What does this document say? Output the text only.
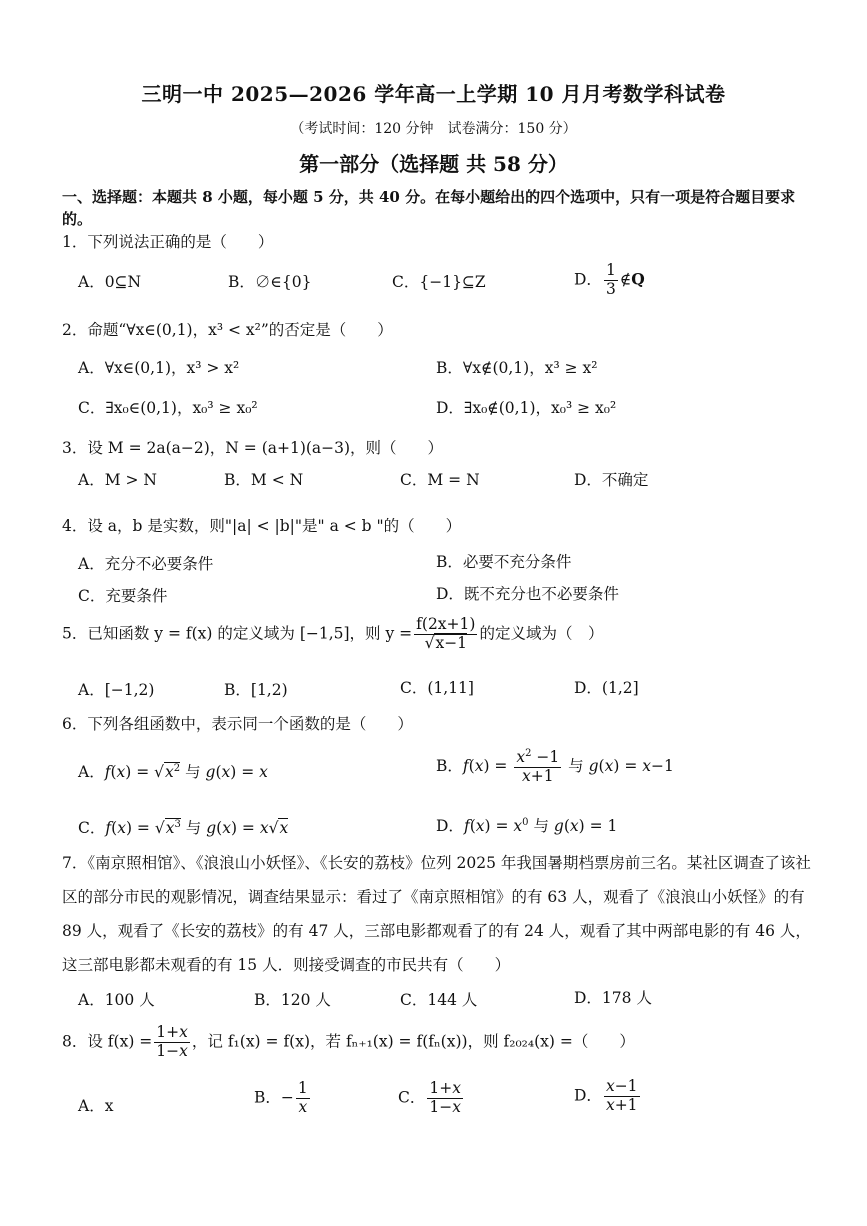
三明一中 2025—2026 学年高一上学期 10 月月考数学科试卷
（考试时间：120 分钟　试卷满分：150 分）
第一部分（选择题 共 58 分）
一、选择题：本题共 8 小题，每小题 5 分，共 40 分。在每小题给出的四个选项中，只有一项是符合题目要求的。
1．下列说法正确的是（　　）
A．0⊆N	B．∅∈{0}	C．{−1}⊆Z	D． $\frac{1}{3}$ ∉Q
2．命题“∀x∈(0,1)，x³ < x²”的否定是（　　）
A．∀x∈(0,1)，x³ > x²	B．∀x∉(0,1)，x³ ≥ x²
C．∃x₀∈(0,1)，x₀³ ≥ x₀²	D．∃x₀∉(0,1)，x₀³ ≥ x₀²
3．设 M = 2a(a−2)，N = (a+1)(a−3)，则（　　）
A．M > N	B．M < N	C．M = N	D．不确定
4．设 a，b 是实数，则"|a| < |b|"是" a < b "的（　　）
A．充分不必要条件	B．必要不充分条件
C．充要条件	D．既不充分也不必要条件
5．已知函数 y = f(x) 的定义域为 [−1,5]，则 $y = \frac{f(2x+1)}{√x-1}$ 的定义域为（　）
A．[−1,2)	B．[1,2)	C．(1,11]	D．(1,2]
6．下列各组函数中，表示同一个函数的是（　　）
A．$f(x) = √x^2$ 与 g(x) = x	B．$f(x) = \frac{x^2 -1}{x+1}$ 与 g(x) = x−1
C．$f(x) = √x^3$ 与 g(x) = x√x	D．$f(x) = x^0$ 与 g(x) = 1
7．《南京照相馆》、《浪浪山小妖怪》、《长安的荔枝》位列 2025 年我国暑期档票房前三名。某社区调查了该社区的部分市民的观影情况，调查结果显示：看过了《南京照相馆》的有 63 人，观看了《浪浪山小妖怪》的有 89 人，观看了《长安的荔枝》的有 47 人，三部电影都观看了的有 24 人，观看了其中两部电影的有 46 人，这三部电影都未观看的有 15 人．则接受调查的市民共有（　　）
A．100 人	B．120 人	C．144 人	D．178 人
8．设 $f(x) = \frac{1+x}{1-x}$ ，记 f₁(x) = f(x)，若 fₙ₊₁(x) = f(fₙ(x))，则 f₂₀₂₄(x) =（　　）
A．x	B．− $\frac{1}{x}$	C． $\frac{1+x}{1-x}$	D． $\frac{x-1}{x+1}$
